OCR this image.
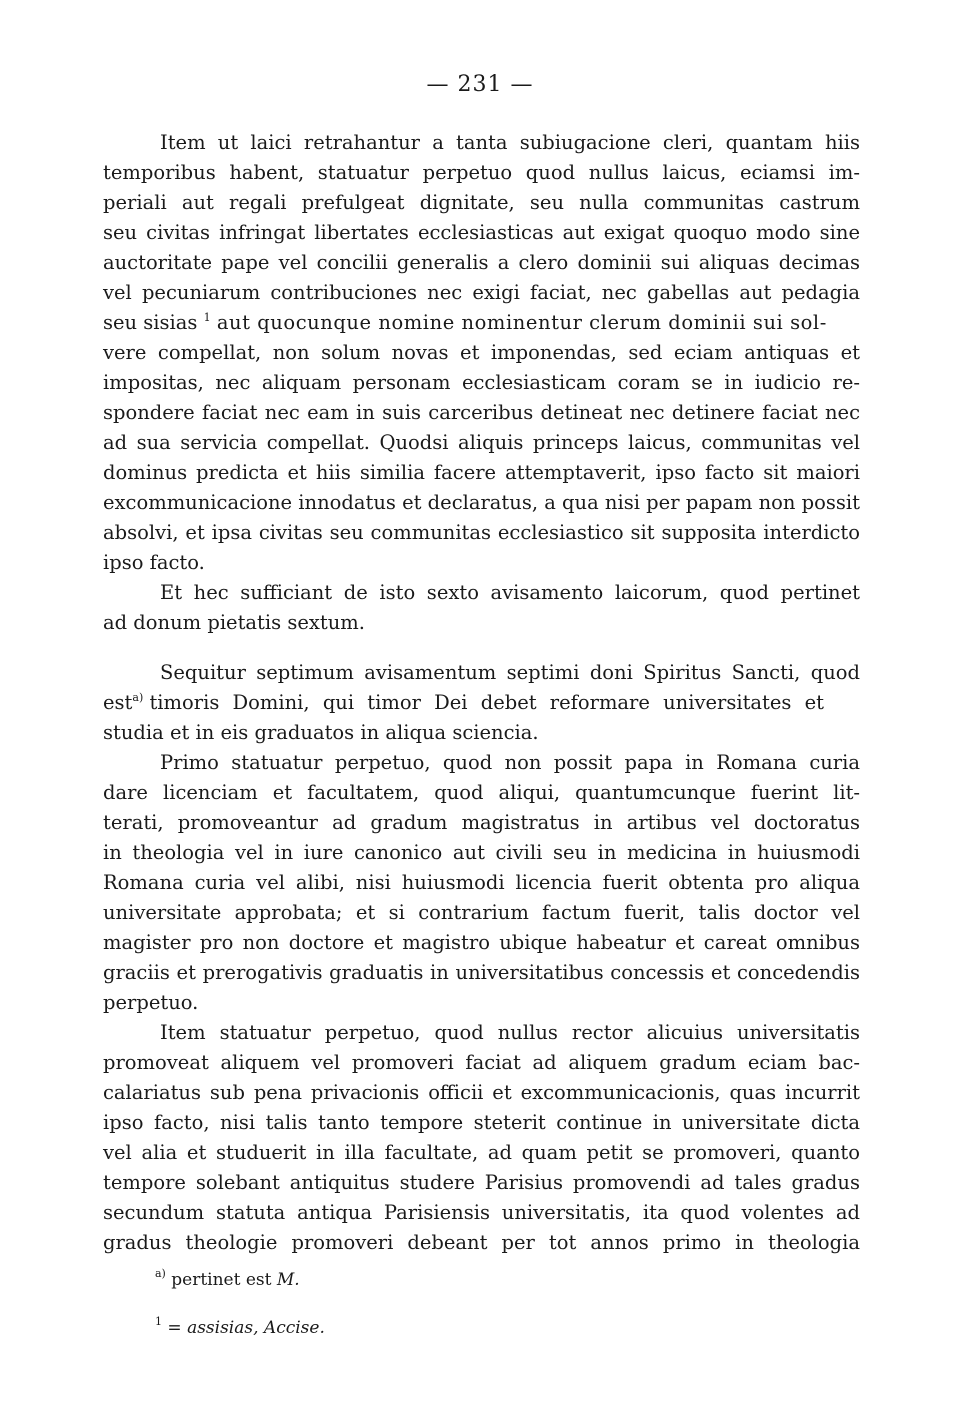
— 231 —
Item ut laici retrahantur a tanta subiugacione cleri, quantam hiis
temporibus habent, statuatur perpetuo quod nullus laicus, eciamsi im-
periali aut regali prefulgeat dignitate, seu nulla communitas castrum
seu civitas infringat libertates ecclesiasticas aut exigat quoquo modo sine
auctoritate pape vel concilii generalis a clero dominii sui aliquas decimas
vel pecuniarum contribuciones nec exigi faciat, nec gabellas aut pedagia
seu sisias $^1$ aut quocunque nomine nominentur clerum dominii sui sol-
vere compellat, non solum novas et imponendas, sed eciam antiquas et
impositas, nec aliquam personam ecclesiasticam coram se in iudicio re-
spondere faciat nec eam in suis carceribus detineat nec detinere faciat nec
ad sua servicia compellat. Quodsi aliquis princeps laicus, communitas vel
dominus predicta et hiis similia facere attemptaverit, ipso facto sit maiori
excommunicacione innodatus et declaratus, a qua nisi per papam non possit
absolvi, et ipsa civitas seu communitas ecclesiastico sit supposita interdicto
ipso facto.
Et hec sufficiant de isto sexto avisamento laicorum, quod pertinet
ad donum pietatis sextum.
Sequitur septimum avisamentum septimi doni Spiritus Sancti, quod
est$^{a)}$ timoris Domini, qui timor Dei debet reformare universitates et
studia et in eis graduatos in aliqua sciencia.
Primo statuatur perpetuo, quod non possit papa in Romana curia
dare licenciam et facultatem, quod aliqui, quantumcunque fuerint lit-
terati, promoveantur ad gradum magistratus in artibus vel doctoratus
in theologia vel in iure canonico aut civili seu in medicina in huiusmodi
Romana curia vel alibi, nisi huiusmodi licencia fuerit obtenta pro aliqua
universitate approbata; et si contrarium factum fuerit, talis doctor vel
magister pro non doctore et magistro ubique habeatur et careat omnibus
graciis et prerogativis graduatis in universitatibus concessis et concedendis
perpetuo.
Item statuatur perpetuo, quod nullus rector alicuius universitatis
promoveat aliquem vel promoveri faciat ad aliquem gradum eciam bac-
calariatus sub pena privacionis officii et excommunicacionis, quas incurrit
ipso facto, nisi talis tanto tempore steterit continue in universitate dicta
vel alia et studuerit in illa facultate, ad quam petit se promoveri, quanto
tempore solebant antiquitus studere Parisius promovendi ad tales gradus
secundum statuta antiqua Parisiensis universitatis, ita quod volentes ad
gradus theologie promoveri debeant per tot annos primo in theologia
$^{a)}$ pertinet est M.
$^1$ = assisias, Accise.
